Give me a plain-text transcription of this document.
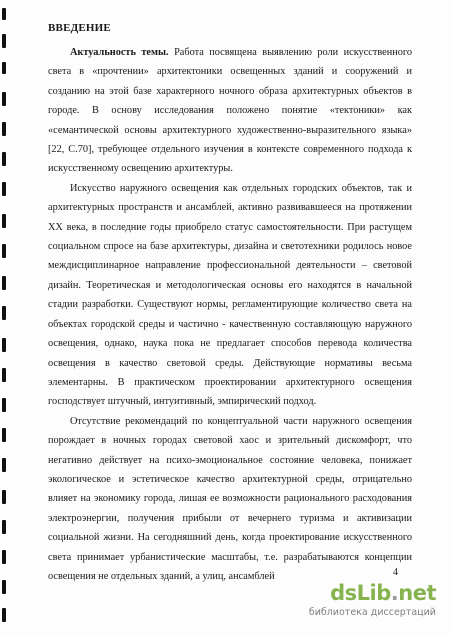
ВВЕДЕНИЕ

Актуальность темы. Работа посвящена выявлению роли искусственного света в «прочтении» архитектоники освещенных зданий и сооружений и созданию на этой базе характерного ночного образа архитектурных объектов в городе. В основу исследования положено понятие «тектоники» как «семантической основы архитектурного художественно-выразительного языка» [22, С.70], требующее отдельного изучения в контексте современного подхода к искусственному освещению архитектуры.

Искусство наружного освещения как отдельных городских объектов, так и архитектурных пространств и ансамблей, активно развивавшееся на протяжении XX века, в последние годы приобрело статус самостоятельности. При растущем социальном спросе на базе архитектуры, дизайна и светотехники родилось новое междисциплинарное направление профессиональной деятельности – световой дизайн. Теоретическая и методологическая основы его находятся в начальной стадии разработки. Существуют нормы, регламентирующие количество света на объектах городской среды и частично - качественную составляющую наружного освещения, однако, наука пока не предлагает способов перевода количества освещения в качество световой среды. Действующие нормативы весьма элементарны. В практическом проектировании архитектурного освещения господствует штучный, интуитивный, эмпирический подход.

Отсутствие рекомендаций по концептуальной части наружного освещения порождает в ночных городах световой хаос и зрительный дискомфорт, что негативно действует на психо-эмоциональное состояние человека, понижает экологическое и эстетическое качество архитектурной среды, отрицательно влияет на экономику города, лишая ее возможности рационального расходования электроэнергии, получения прибыли от вечернего туризма и активизации социальной жизни. На сегодняшний день, когда проектирование искусственного света принимает урбанистические масштабы, т.е. разрабатываются концепции освещения не отдельных зданий, а улиц, ансамблей	4
dsLib.net
библиотека диссертаций
